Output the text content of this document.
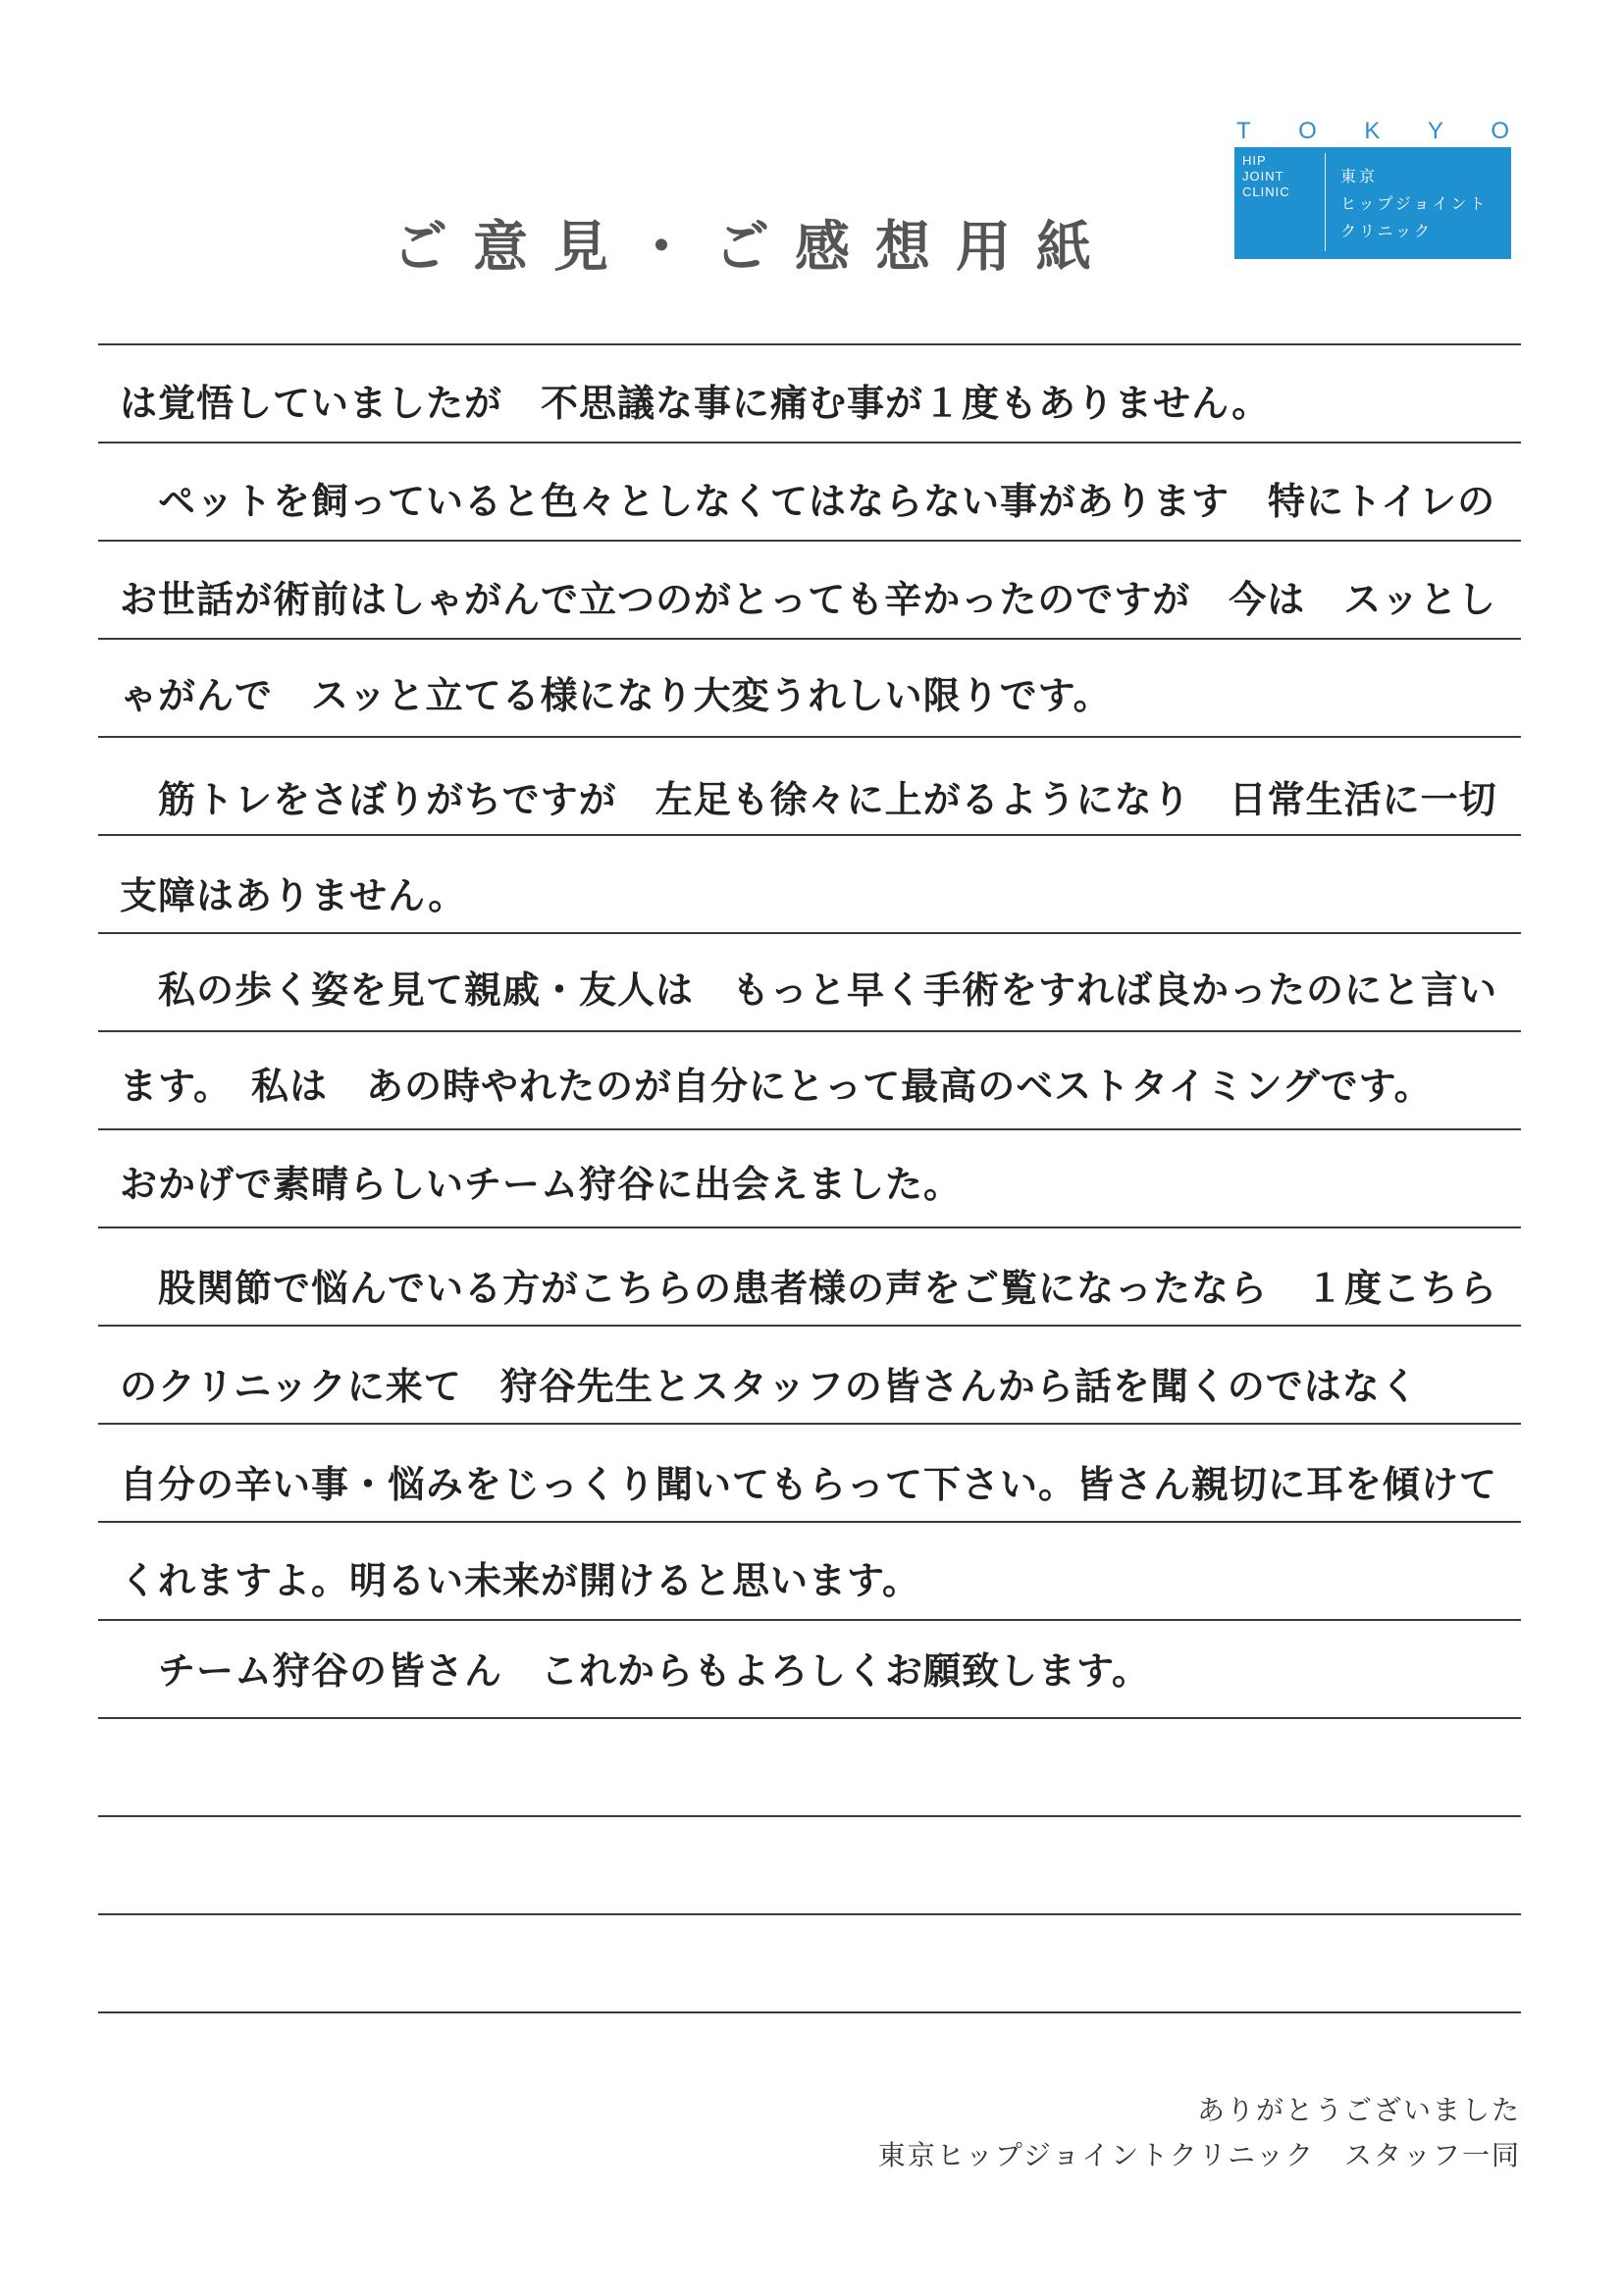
ご意見・ご感想用紙
T O K Y O
HIP
JOINT
CLINIC
東京
ヒップジョイント
クリニック
は覚悟していましたが　不思議な事に痛む事が１度もありません。
　ペットを飼っていると色々としなくてはならない事があります　特にトイレの
お世話が術前はしゃがんで立つのがとっても辛かったのですが　今は　スッとし
ゃがんで　スッと立てる様になり大変うれしい限りです。
　筋トレをさぼりがちですが　左足も徐々に上がるようになり　日常生活に一切
支障はありません。
　私の歩く姿を見て親戚・友人は　もっと早く手術をすれば良かったのにと言い
ます。　私は　あの時やれたのが自分にとって最高のベストタイミングです。
おかげで素晴らしいチーム狩谷に出会えました。
　股関節で悩んでいる方がこちらの患者様の声をご覧になったなら　１度こちら
のクリニックに来て　狩谷先生とスタッフの皆さんから話を聞くのではなく
自分の辛い事・悩みをじっくり聞いてもらって下さい。皆さん親切に耳を傾けて
くれますよ。明るい未来が開けると思います。
　チーム狩谷の皆さん　これからもよろしくお願致します。
ありがとうございました
東京ヒップジョイントクリニック　スタッフ一同
